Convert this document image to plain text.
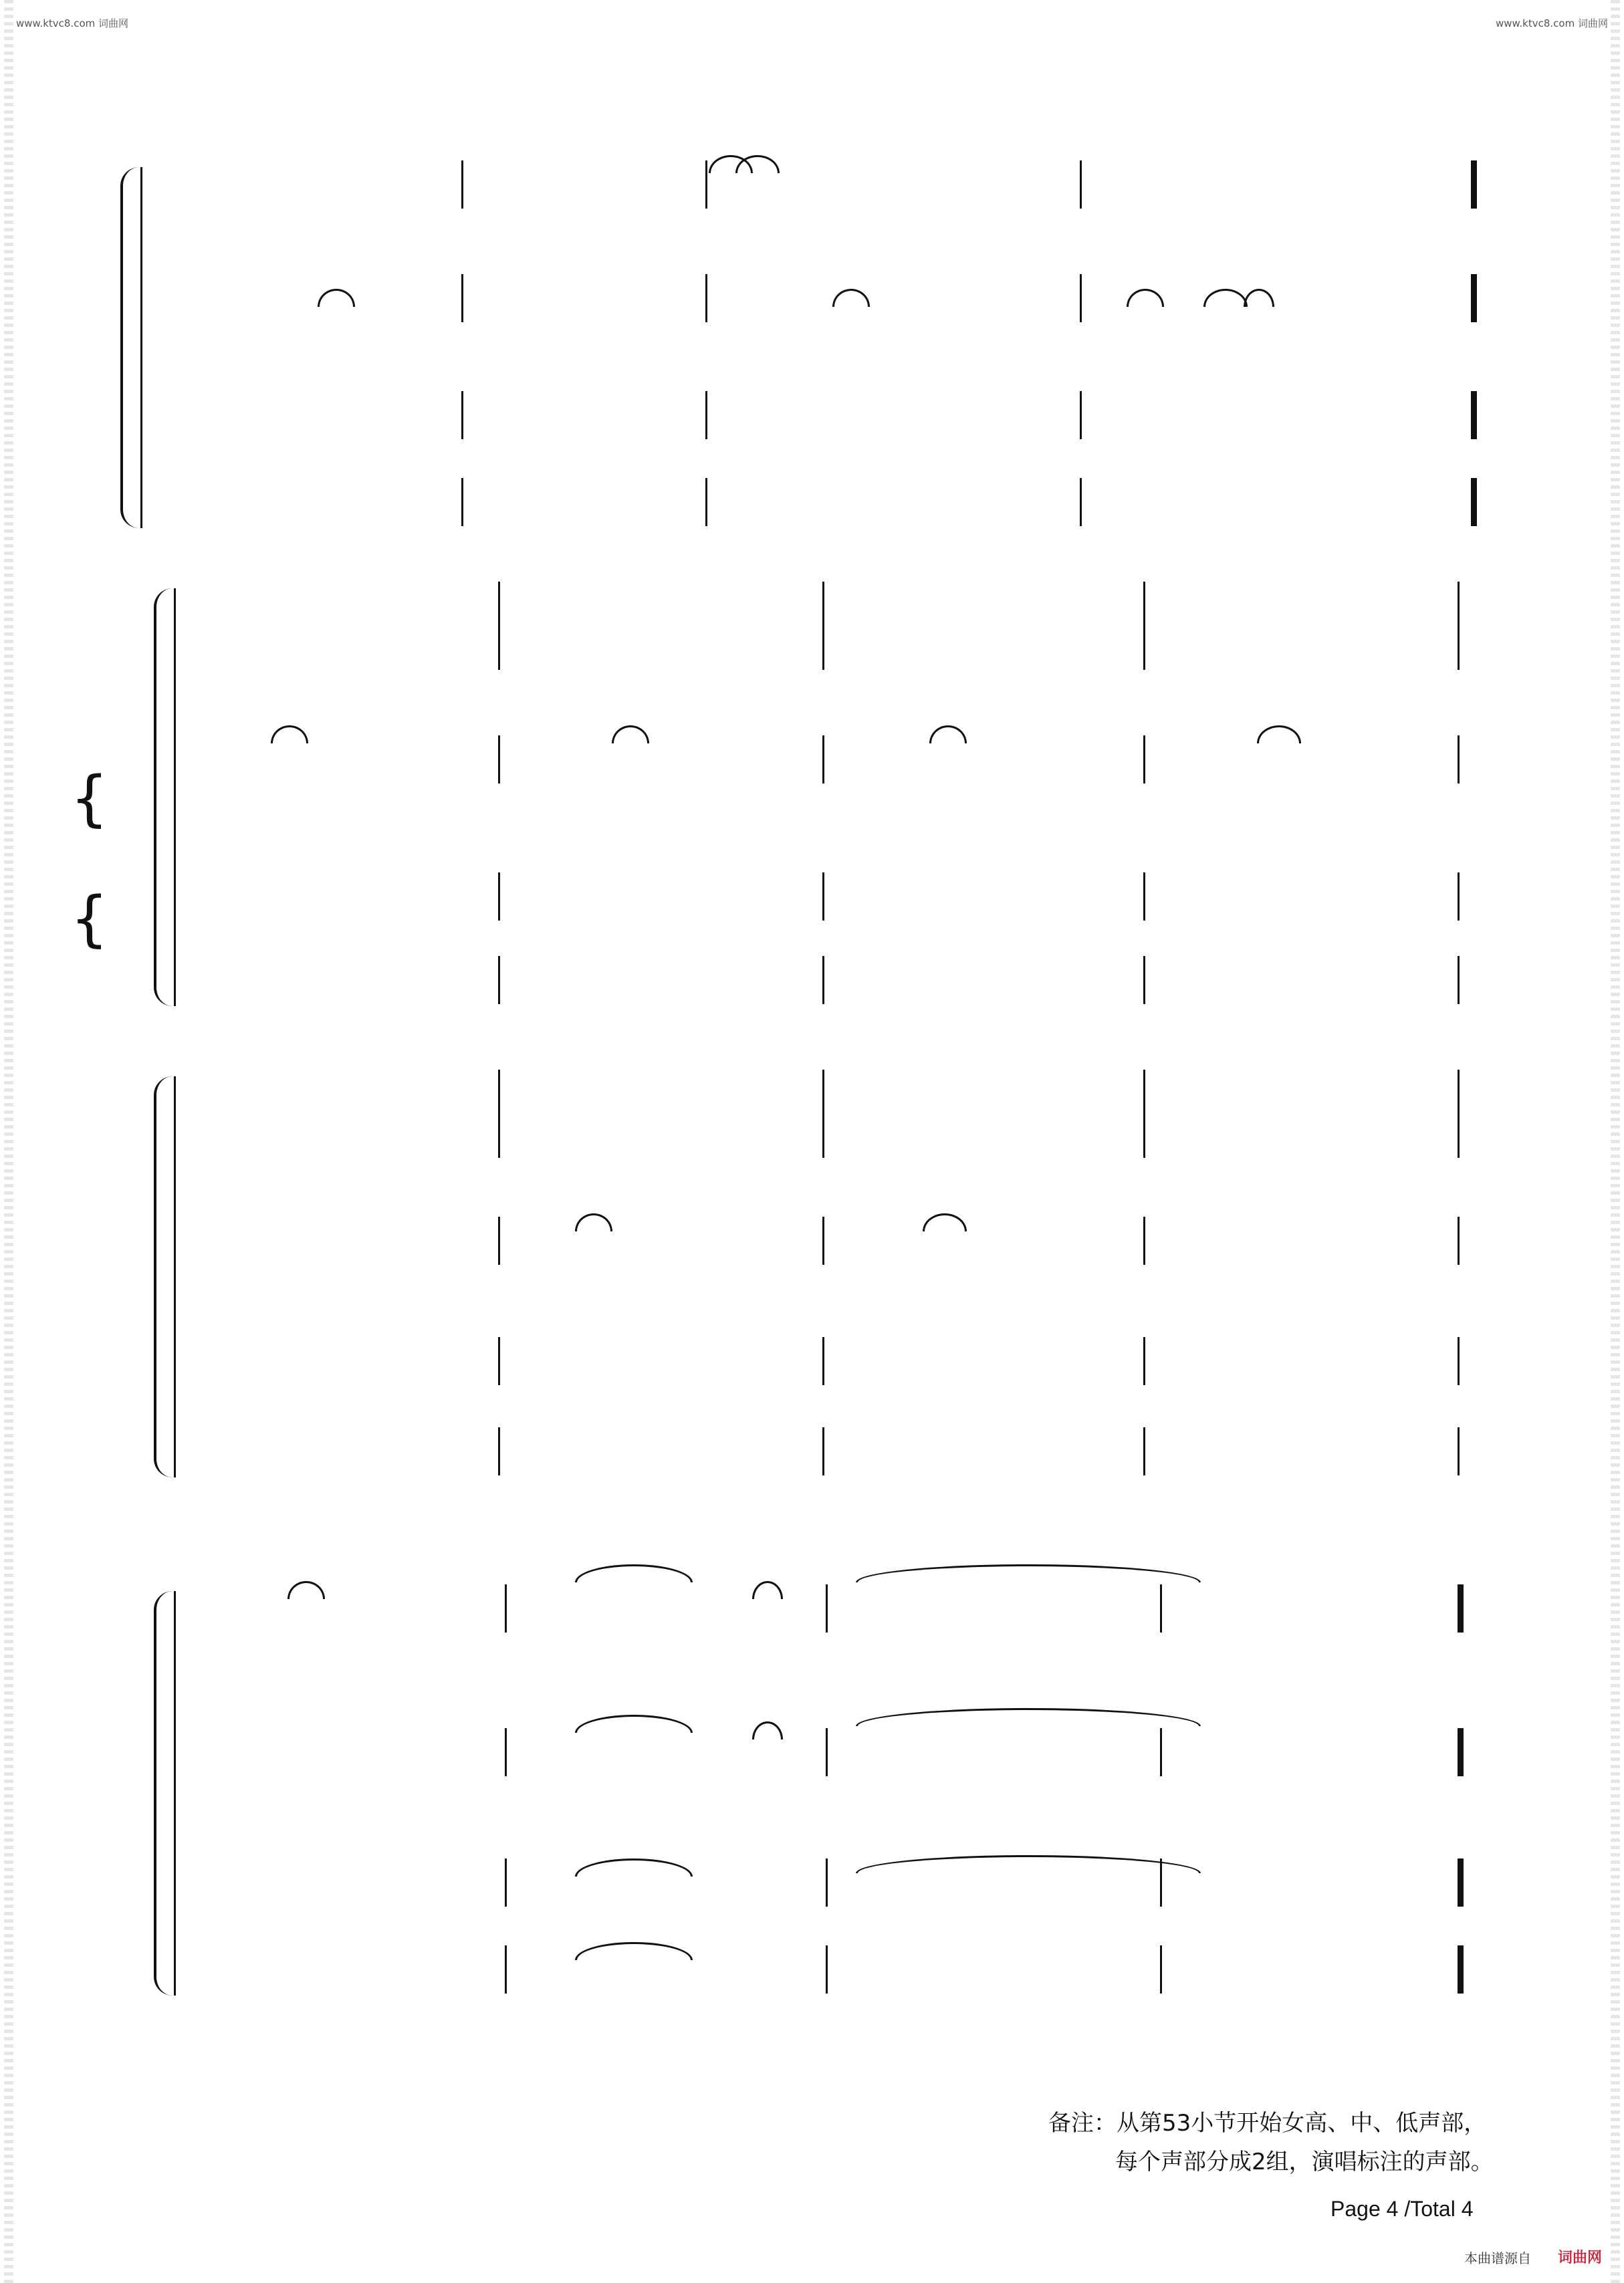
www.ktvc8.com 词曲网	www.ktvc8.com 词曲网
{
{
备注：从第53小节开始女高、中、低声部，
每个声部分成2组，演唱标注的声部。
Page 4 /Total 4
本曲谱源自 词曲网
